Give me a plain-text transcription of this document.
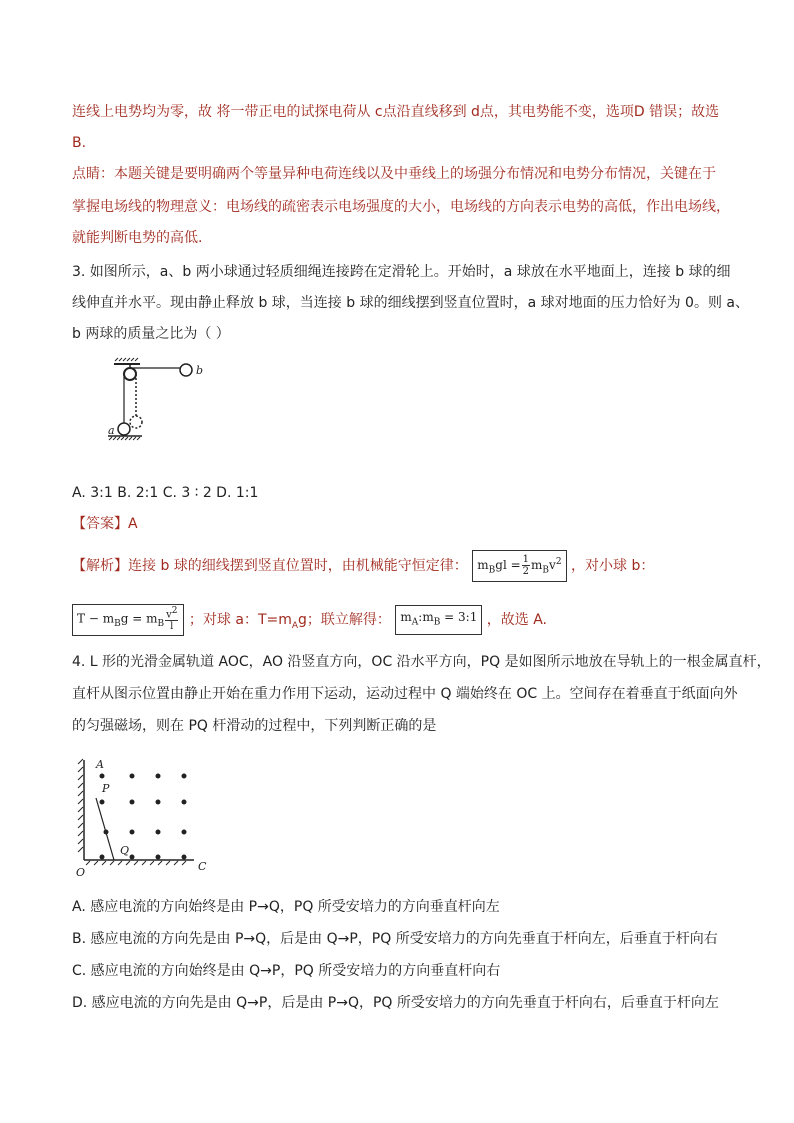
连线上电势均为零，故 将一带正电的试探电荷从 c点沿直线移到 d点，其电势能不变，选项D 错误；故选
B.
点睛：本题关键是要明确两个等量异种电荷连线以及中垂线上的场强分布情况和电势分布情况，关键在于
掌握电场线的物理意义：电场线的疏密表示电场强度的大小，电场线的方向表示电势的高低，作出电场线，
就能判断电势的高低.
3. 如图所示，a、b 两小球通过轻质细绳连接跨在定滑轮上。开始时，a 球放在水平地面上，连接 b 球的细
线伸直并水平。现由静止释放 b 球，当连接 b 球的细线摆到竖直位置时，a 球对地面的压力恰好为 0。则 a、
b 两球的质量之比为（ ）
b
a
A. 3:1 B. 2:1 C. 3 ∶ 2 D. 1:1
【答案】A
【解析】连接 b 球的细线摆到竖直位置时，由机械能守恒定律： $m_Bgl = \frac{1}{2} m_Bv^2$ ，对小球 b：
$T - m_Bg = m_B \frac{v^2}{l}$ ；对球 a：$T=m_Ag$；联立解得： $m_A:m_B$ = 3:1 ，故选 A.
4. L 形的光滑金属轨道 AOC，AO 沿竖直方向，OC 沿水平方向，PQ 是如图所示地放在导轨上的一根金属直杆，
直杆从图示位置由静止开始在重力作用下运动，运动过程中 Q 端始终在 OC 上。空间存在着垂直于纸面向外
的匀强磁场，则在 PQ 杆滑动的过程中，下列判断正确的是
A
P
Q
O	C
A. 感应电流的方向始终是由 P→Q，PQ 所受安培力的方向垂直杆向左
B. 感应电流的方向先是由 P→Q，后是由 Q→P，PQ 所受安培力的方向先垂直于杆向左，后垂直于杆向右
C. 感应电流的方向始终是由 Q→P，PQ 所受安培力的方向垂直杆向右
D. 感应电流的方向先是由 Q→P，后是由 P→Q，PQ 所受安培力的方向先垂直于杆向右，后垂直于杆向左
